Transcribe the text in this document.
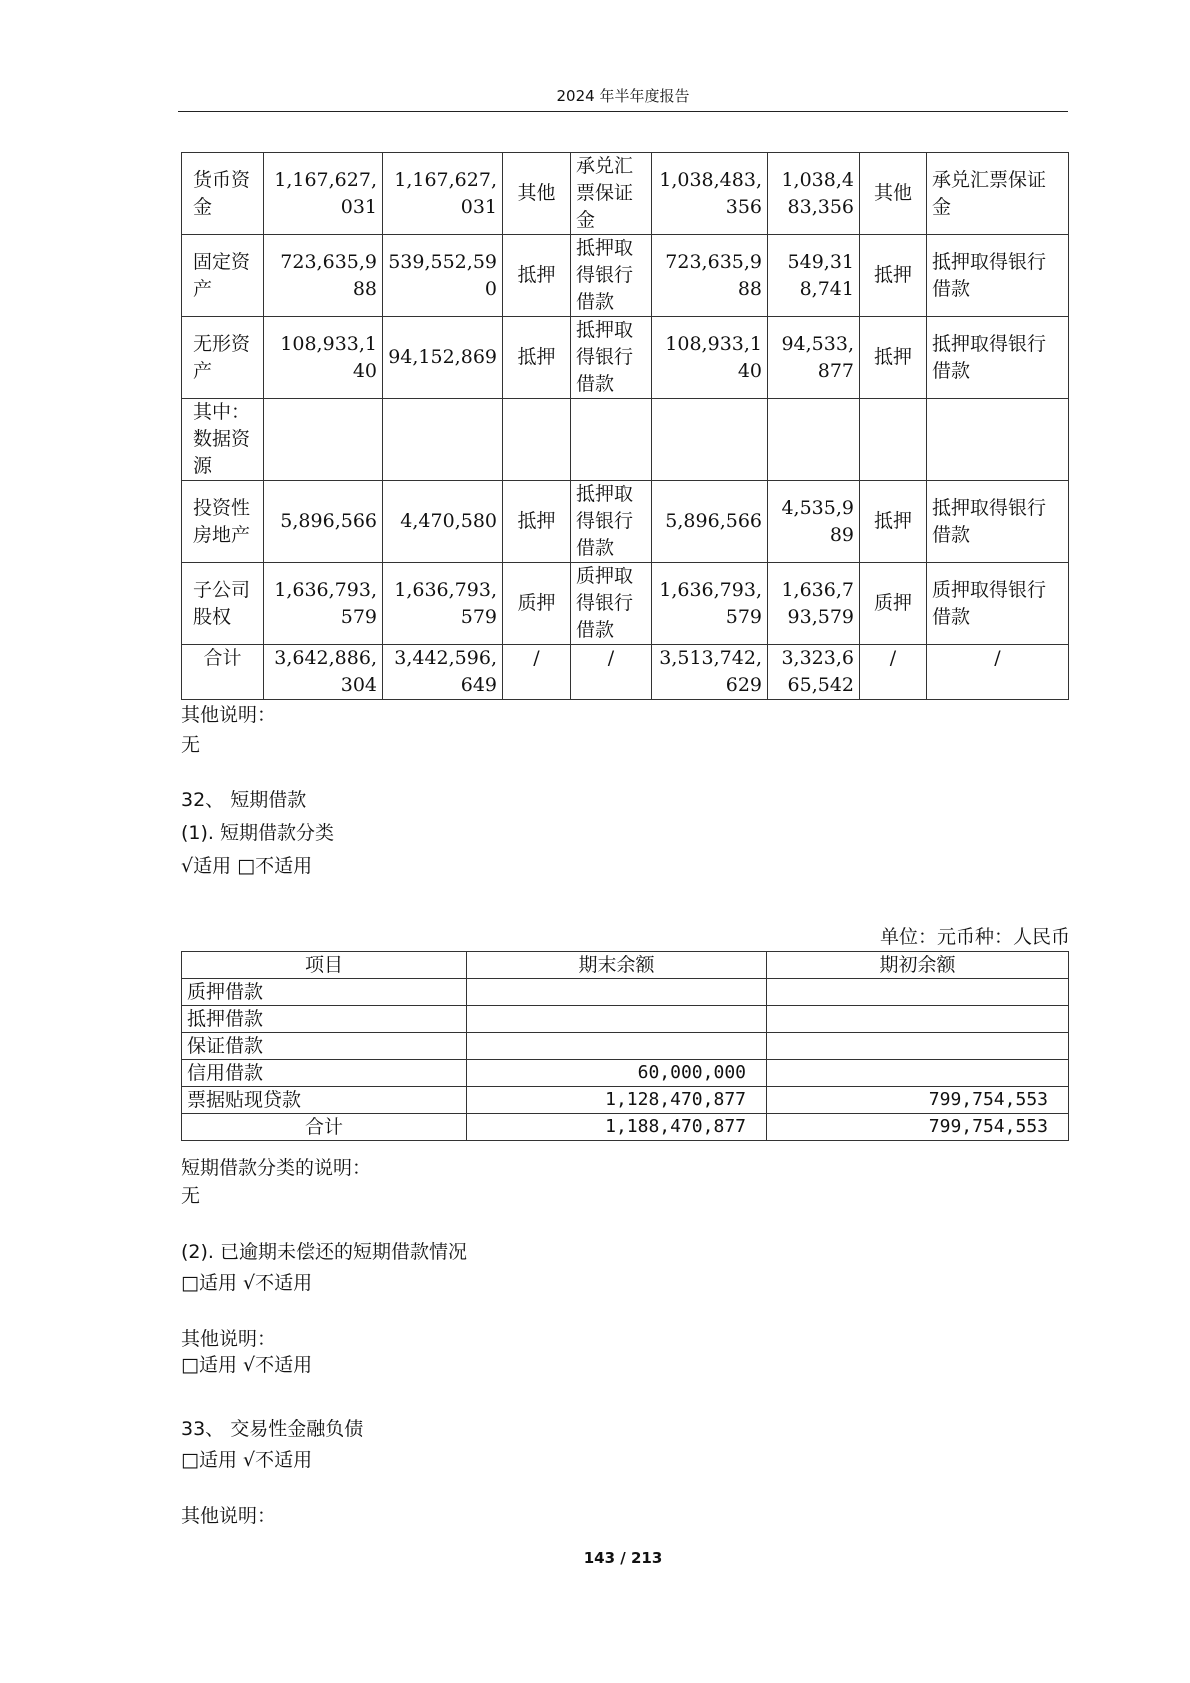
2024 年半年度报告
货币资金	1,167,627,031	1,167,627,031	其他	承兑汇票保证金	1,038,483,356	1,038,483,356	其他	承兑汇票保证金
固定资产	723,635,988	539,552,590	抵押	抵押取得银行借款	723,635,988	549,318,741	抵押	抵押取得银行借款
无形资产	108,933,140	94,152,869	抵押	抵押取得银行借款	108,933,140	94,533,877	抵押	抵押取得银行借款
其中：数据资源								
投资性房地产	5,896,566	4,470,580	抵押	抵押取得银行借款	5,896,566	4,535,989	抵押	抵押取得银行借款
子公司股权	1,636,793,579	1,636,793,579	质押	质押取得银行借款	1,636,793,579	1,636,793,579	质押	质押取得银行借款
合计	3,642,886,304	3,442,596,649	/	/	3,513,742,629	3,323,665,542	/	/
其他说明：
无
32、 短期借款
(1). 短期借款分类
√适用 □不适用
单位：元币种：人民币
项目	期末余额	期初余额
质押借款		
抵押借款		
保证借款		
信用借款	60,000,000	
票据贴现贷款	1,128,470,877	799,754,553
合计	1,188,470,877	799,754,553
短期借款分类的说明：
无
(2). 已逾期未偿还的短期借款情况
□适用 √不适用
其他说明：
□适用 √不适用
33、 交易性金融负债
□适用 √不适用
其他说明：
143 / 213
